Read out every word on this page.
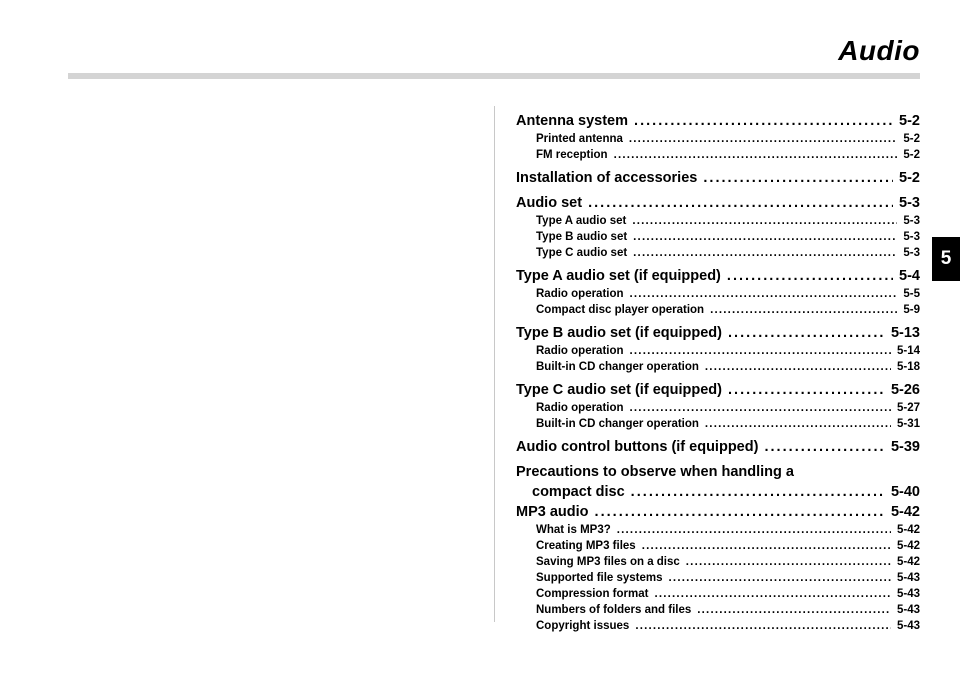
Audio
5
Antenna system . . .	5-2
Printed antenna . . .	5-2
FM reception . . .	5-2
Installation of accessories . . .	5-2
Audio set . . .	5-3
Type A audio set . . .	5-3
Type B audio set . . .	5-3
Type C audio set . . .	5-3
Type A audio set (if equipped) . . .	5-4
Radio operation . . .	5-5
Compact disc player operation . . .	5-9
Type B audio set (if equipped) . . .	5-13
Radio operation . . .	5-14
Built-in CD changer operation . . .	5-18
Type C audio set (if equipped) . . .	5-26
Radio operation . . .	5-27
Built-in CD changer operation . . .	5-31
Audio control buttons (if equipped) . . .	5-39
Precautions to observe when handling a
compact disc . . .	5-40
MP3 audio . . .	5-42
What is MP3? . . .	5-42
Creating MP3 files . . .	5-42
Saving MP3 files on a disc . . .	5-42
Supported file systems . . .	5-43
Compression format . . .	5-43
Numbers of folders and files . . .	5-43
Copyright issues . . .	5-43
